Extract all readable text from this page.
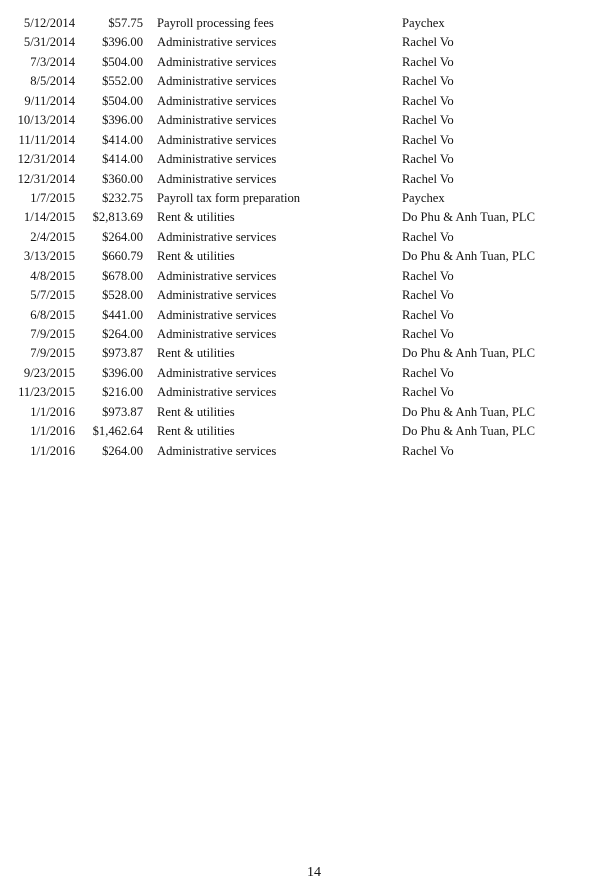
5/12/2014	$57.75 Payroll processing fees	Paychex
5/31/2014 $396.00 Administrative services	Rachel Vo
7/3/2014 $504.00 Administrative services	Rachel Vo
8/5/2014 $552.00 Administrative services	Rachel Vo
9/11/2014 $504.00 Administrative services	Rachel Vo
10/13/2014 $396.00 Administrative services	Rachel Vo
11/11/2014 $414.00 Administrative services	Rachel Vo
12/31/2014 $414.00 Administrative services	Rachel Vo
12/31/2014 $360.00 Administrative services	Rachel Vo
1/7/2015 $232.75 Payroll tax form preparation	Paychex
1/14/2015 $2,813.69 Rent & utilities	Do Phu & Anh Tuan, PLC
2/4/2015 $264.00 Administrative services	Rachel Vo
3/13/2015 $660.79 Rent & utilities	Do Phu & Anh Tuan, PLC
4/8/2015 $678.00 Administrative services	Rachel Vo
5/7/2015 $528.00 Administrative services	Rachel Vo
6/8/2015 $441.00 Administrative services	Rachel Vo
7/9/2015 $264.00 Administrative services	Rachel Vo
7/9/2015 $973.87 Rent & utilities	Do Phu & Anh Tuan, PLC
9/23/2015 $396.00 Administrative services	Rachel Vo
11/23/2015 $216.00 Administrative services	Rachel Vo
1/1/2016 $973.87 Rent & utilities	Do Phu & Anh Tuan, PLC
1/1/2016 $1,462.64 Rent & utilities	Do Phu & Anh Tuan, PLC
1/1/2016 $264.00 Administrative services	Rachel Vo
14
